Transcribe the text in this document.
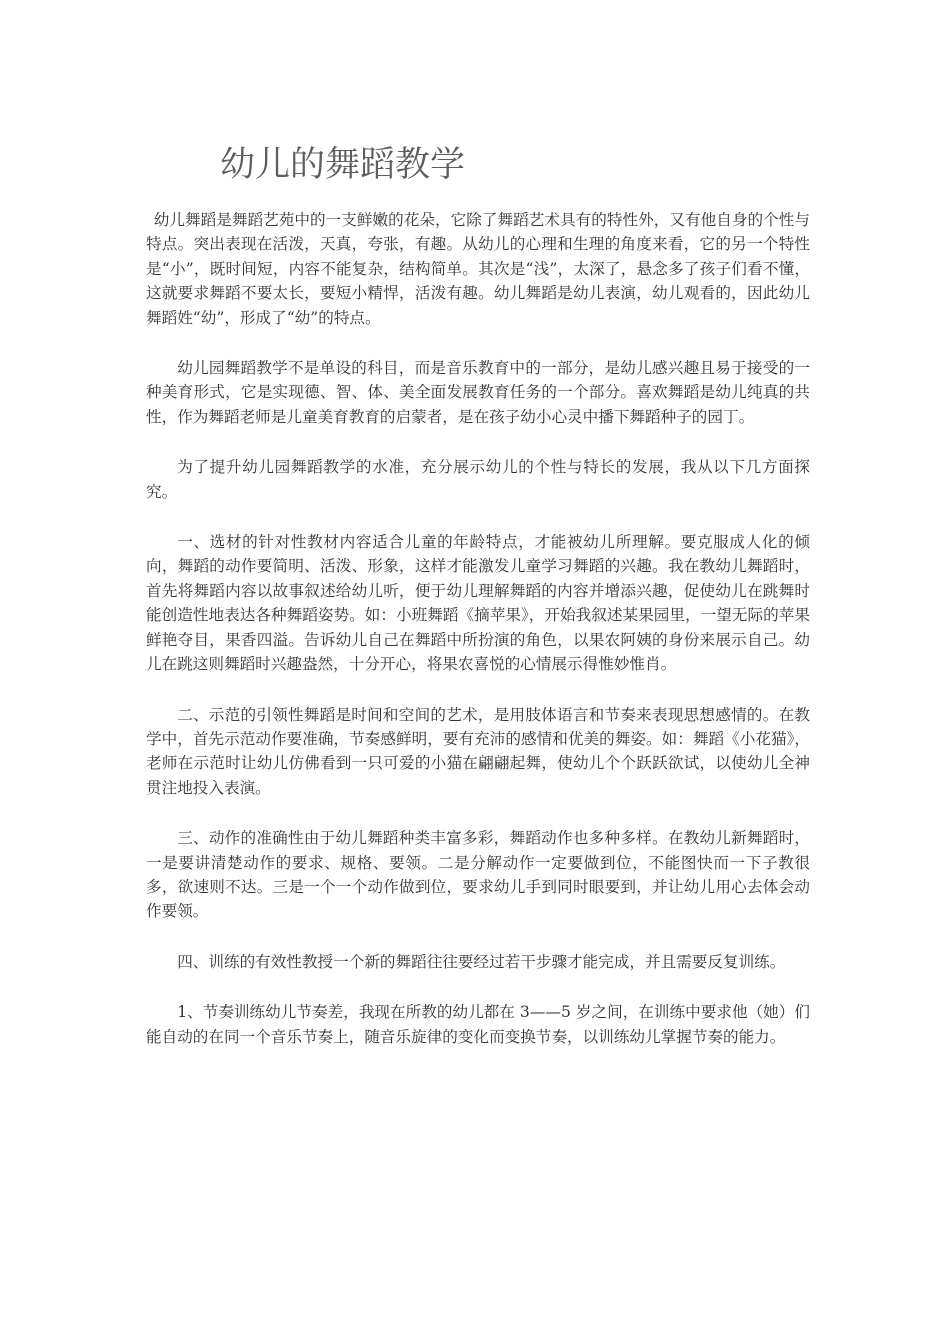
幼儿的舞蹈教学

幼儿舞蹈是舞蹈艺苑中的一支鲜嫩的花朵，它除了舞蹈艺术具有的特性外，又有他自身的个性与特点。突出表现在活泼，天真，夸张，有趣。从幼儿的心理和生理的角度来看，它的另一个特性是“小”，既时间短，内容不能复杂，结构简单。其次是“浅”，太深了，悬念多了孩子们看不懂，这就要求舞蹈不要太长，要短小精悍，活泼有趣。幼儿舞蹈是幼儿表演，幼儿观看的，因此幼儿舞蹈姓“幼”，形成了“幼”的特点。

幼儿园舞蹈教学不是单设的科目，而是音乐教育中的一部分，是幼儿感兴趣且易于接受的一种美育形式，它是实现德、智、体、美全面发展教育任务的一个部分。喜欢舞蹈是幼儿纯真的共性，作为舞蹈老师是儿童美育教育的启蒙者，是在孩子幼小心灵中播下舞蹈种子的园丁。

为了提升幼儿园舞蹈教学的水准，充分展示幼儿的个性与特长的发展，我从以下几方面探究。

一、选材的针对性教材内容适合儿童的年龄特点，才能被幼儿所理解。要克服成人化的倾向，舞蹈的动作要简明、活泼、形象，这样才能激发儿童学习舞蹈的兴趣。我在教幼儿舞蹈时，首先将舞蹈内容以故事叙述给幼儿听，便于幼儿理解舞蹈的内容并增添兴趣，促使幼儿在跳舞时能创造性地表达各种舞蹈姿势。如：小班舞蹈《摘苹果》，开始我叙述某果园里，一望无际的苹果鲜艳夺目，果香四溢。告诉幼儿自己在舞蹈中所扮演的角色，以果农阿姨的身份来展示自己。幼儿在跳这则舞蹈时兴趣盎然，十分开心，将果农喜悦的心情展示得惟妙惟肖。

二、示范的引领性舞蹈是时间和空间的艺术，是用肢体语言和节奏来表现思想感情的。在教学中，首先示范动作要准确，节奏感鲜明，要有充沛的感情和优美的舞姿。如：舞蹈《小花猫》，老师在示范时让幼儿仿佛看到一只可爱的小猫在翩翩起舞，使幼儿个个跃跃欲试，以使幼儿全神贯注地投入表演。

三、动作的准确性由于幼儿舞蹈种类丰富多彩，舞蹈动作也多种多样。在教幼儿新舞蹈时，一是要讲清楚动作的要求、规格、要领。二是分解动作一定要做到位，不能图快而一下子教很多，欲速则不达。三是一个一个动作做到位，要求幼儿手到同时眼要到，并让幼儿用心去体会动作要领。

四、训练的有效性教授一个新的舞蹈往往要经过若干步骤才能完成，并且需要反复训练。

1、节奏训练幼儿节奏差，我现在所教的幼儿都在 3——5 岁之间，在训练中要求他（她）们能自动的在同一个音乐节奏上，随音乐旋律的变化而变换节奏，以训练幼儿掌握节奏的能力。
